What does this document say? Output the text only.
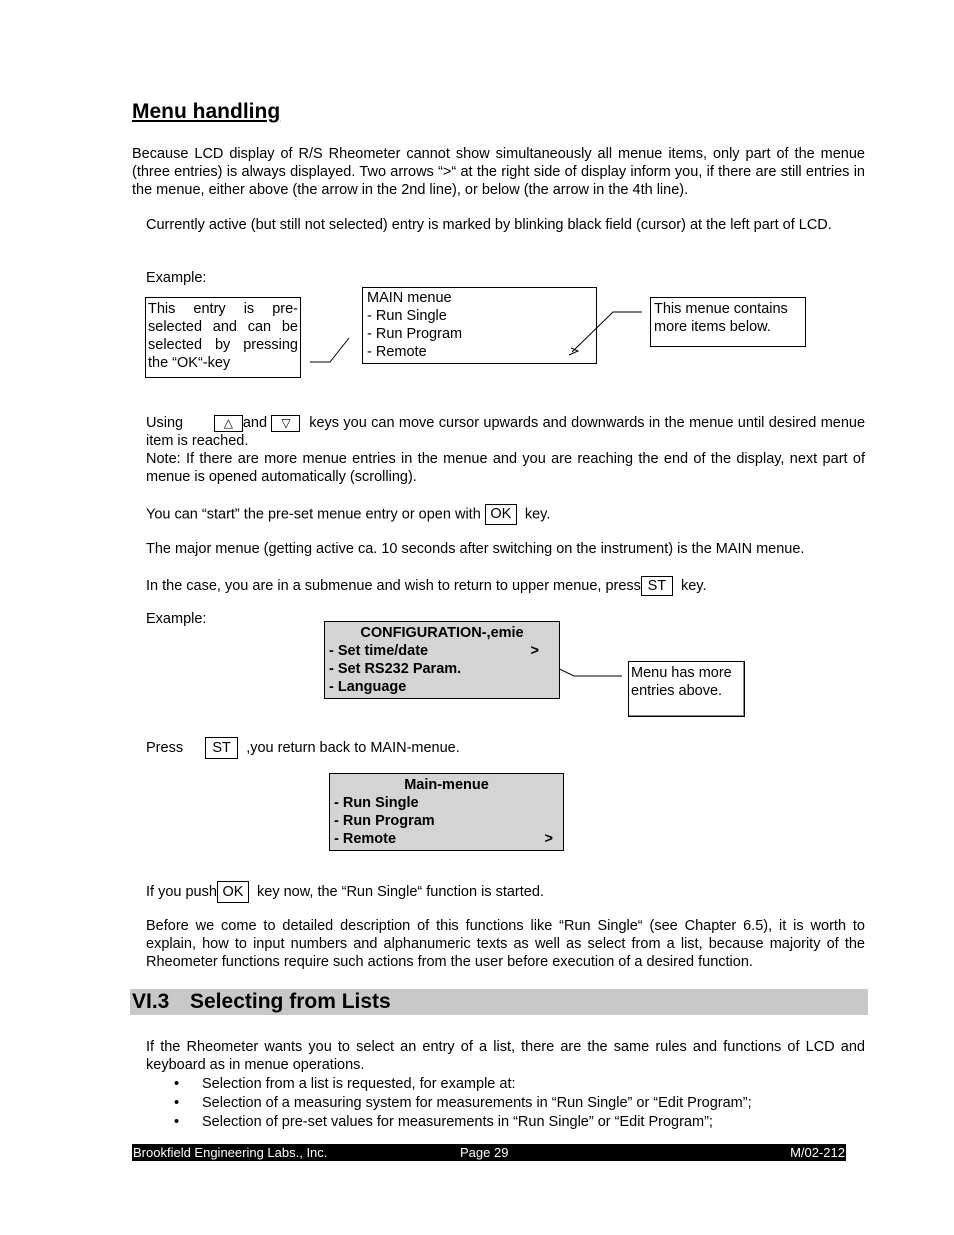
Menu handling
Because LCD display of R/S Rheometer cannot show simultaneously all menue items, only part of the menue (three entries) is always displayed. Two arrows “>“ at the right side of display inform you, if there are still entries in the menue, either above (the arrow in the 2nd line), or below (the arrow in the 4th line).
Currently active (but still not selected) entry is marked by blinking black field (cursor) at the left part of LCD.
Example:
This entry is pre-selected and can be selected by pressing the “OK“-key
MAIN menue
- Run Single
- Run Program
- Remote
This menue contains more items below.
Using	△ and ▽ keys you can move cursor upwards and downwards in the menue until desired menue item is reached.
Note: If there are more menue entries in the menue and you are reaching the end of the display, next part of menue is opened automatically (scrolling).
You can “start” the pre-set menue entry or open with OK key.
The major menue (getting active ca. 10 seconds after switching on the instrument) is the MAIN menue.
In the case, you are in a submenue and wish to return to upper menue, press ST key.
Example:
CONFIGURATION-,emie
- Set time/date	>
- Set RS232 Param.
- Language
Menu has more entries above.
Press ST ,you return back to MAIN-menue.
Main-menue
- Run Single
- Run Program
- Remote	>
If you push OK key now, the “Run Single“ function is started.
Before we come to detailed description of this functions like “Run Single“ (see Chapter 6.5), it is worth to explain, how to input numbers and alphanumeric texts as well as select from a list, because majority of the Rheometer functions require such actions from the user before execution of a desired function.
VI.3 Selecting from Lists
If the Rheometer wants you to select an entry of a list, there are the same rules and functions of LCD and keyboard as in menue operations.
• Selection from a list is requested, for example at:
• Selection of a measuring system for measurements in “Run Single” or “Edit Program”;
• Selection of pre-set values for measurements in “Run Single” or “Edit Program”;
Brookfield Engineering Labs., Inc.	Page 29	M/02-212
